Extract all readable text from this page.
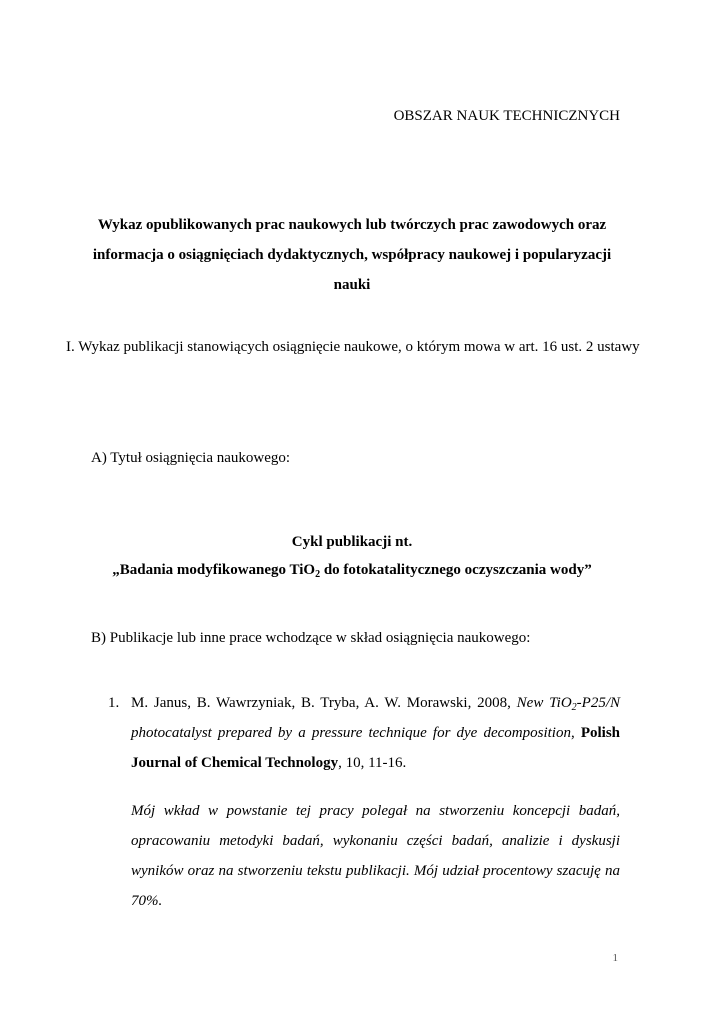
OBSZAR NAUK TECHNICZNYCH
Wykaz opublikowanych prac naukowych lub twórczych prac zawodowych oraz
informacja o osiągnięciach dydaktycznych, współpracy naukowej i popularyzacji
nauki
I. Wykaz publikacji stanowiących osiągnięcie naukowe, o którym mowa w art. 16 ust. 2 ustawy
A) Tytuł osiągnięcia naukowego:
Cykl publikacji nt.
„Badania modyfikowanego TiO$_2$ do fotokatalitycznego oczyszczania wody”
B) Publikacje lub inne prace wchodzące w skład osiągnięcia naukowego:
1. M. Janus, B. Wawrzyniak, B. Tryba, A. W. Morawski, 2008, New TiO$_2$-P25/N photocatalyst prepared by a pressure technique for dye decomposition, Polish Journal of Chemical Technology, 10, 11-16.
Mój wkład w powstanie tej pracy polegał na stworzeniu koncepcji badań, opracowaniu metodyki badań, wykonaniu części badań, analizie i dyskusji wyników oraz na stworzeniu tekstu publikacji. Mój udział procentowy szacuję na 70%.
1
